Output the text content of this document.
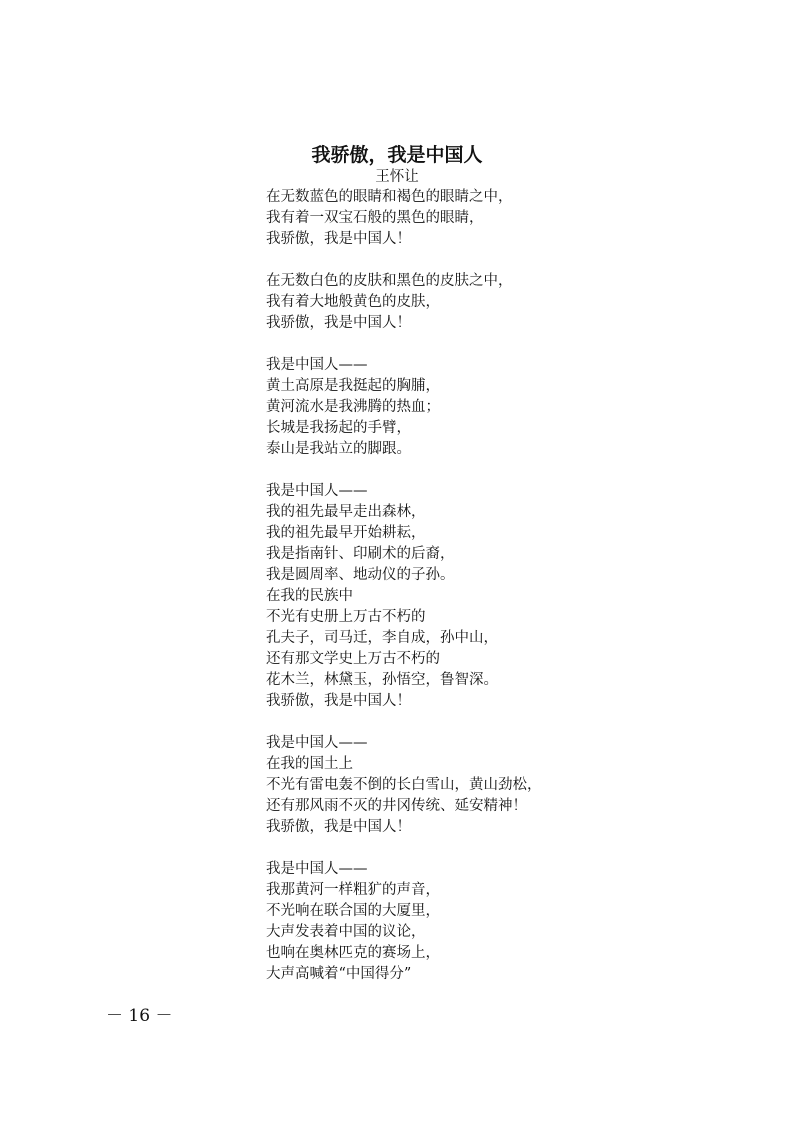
我骄傲，我是中国人
王怀让
在无数蓝色的眼睛和褐色的眼睛之中，
我有着一双宝石般的黑色的眼睛，
我骄傲，我是中国人！
在无数白色的皮肤和黑色的皮肤之中，
我有着大地般黄色的皮肤，
我骄傲，我是中国人！
我是中国人——
黄土高原是我挺起的胸脯，
黄河流水是我沸腾的热血；
长城是我扬起的手臂，
泰山是我站立的脚跟。
我是中国人——
我的祖先最早走出森林，
我的祖先最早开始耕耘，
我是指南针、印刷术的后裔，
我是圆周率、地动仪的子孙。
在我的民族中
不光有史册上万古不朽的
孔夫子，司马迁，李自成，孙中山，
还有那文学史上万古不朽的
花木兰，林黛玉，孙悟空，鲁智深。
我骄傲，我是中国人！
我是中国人——
在我的国土上
不光有雷电轰不倒的长白雪山，黄山劲松，
还有那风雨不灭的井冈传统、延安精神！
我骄傲，我是中国人！
我是中国人——
我那黄河一样粗犷的声音，
不光响在联合国的大厦里，
大声发表着中国的议论，
也响在奥林匹克的赛场上，
大声高喊着“中国得分”
－ 16 －
